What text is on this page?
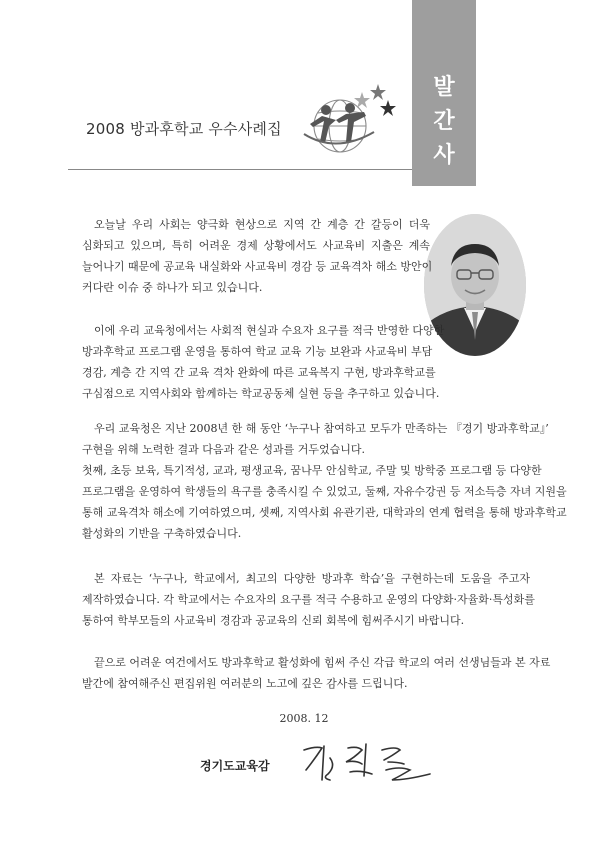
2008 방과후학교 우수사례집
발
간
사
오늘날 우리 사회는 양극화 현상으로 지역 간 계층 간 갈등이 더욱
심화되고 있으며, 특히 어려운 경제 상황에서도 사교육비 지출은 계속
늘어나기 때문에 공교육 내실화와 사교육비 경감 등 교육격차 해소 방안이
커다란 이슈 중 하나가 되고 있습니다.
이에 우리 교육청에서는 사회적 현실과 수요자 요구를 적극 반영한 다양한
방과후학교 프로그램 운영을 통하여 학교 교육 기능 보완과 사교육비 부담
경감, 계층 간 지역 간 교육 격차 완화에 따른 교육복지 구현, 방과후학교를
구심점으로 지역사회와 함께하는 학교공동체 실현 등을 추구하고 있습니다.
우리 교육청은 지난 2008년 한 해 동안 ‘누구나 참여하고 모두가 만족하는 『경기 방과후학교』’
구현을 위해 노력한 결과 다음과 같은 성과를 거두었습니다.
첫째, 초등 보육, 특기적성, 교과, 평생교육, 꿈나무 안심학교, 주말 및 방학중 프로그램 등 다양한
프로그램을 운영하여 학생들의 욕구를 충족시킬 수 있었고, 둘째, 자유수강권 등 저소득층 자녀 지원을
통해 교육격차 해소에 기여하였으며, 셋째, 지역사회 유관기관, 대학과의 연계 협력을 통해 방과후학교
활성화의 기반을 구축하였습니다.
본 자료는 ‘누구나, 학교에서, 최고의 다양한 방과후 학습’을 구현하는데 도움을 주고자
제작하였습니다. 각 학교에서는 수요자의 요구를 적극 수용하고 운영의 다양화·자율화·특성화를
통하여 학부모들의 사교육비 경감과 공교육의 신뢰 회복에 힘써주시기 바랍니다.
끝으로 어려운 여건에서도 방과후학교 활성화에 힘써 주신 각급 학교의 여러 선생님들과 본 자료
발간에 참여해주신 편집위원 여러분의 노고에 깊은 감사를 드립니다.
2008. 12
경기도교육감
